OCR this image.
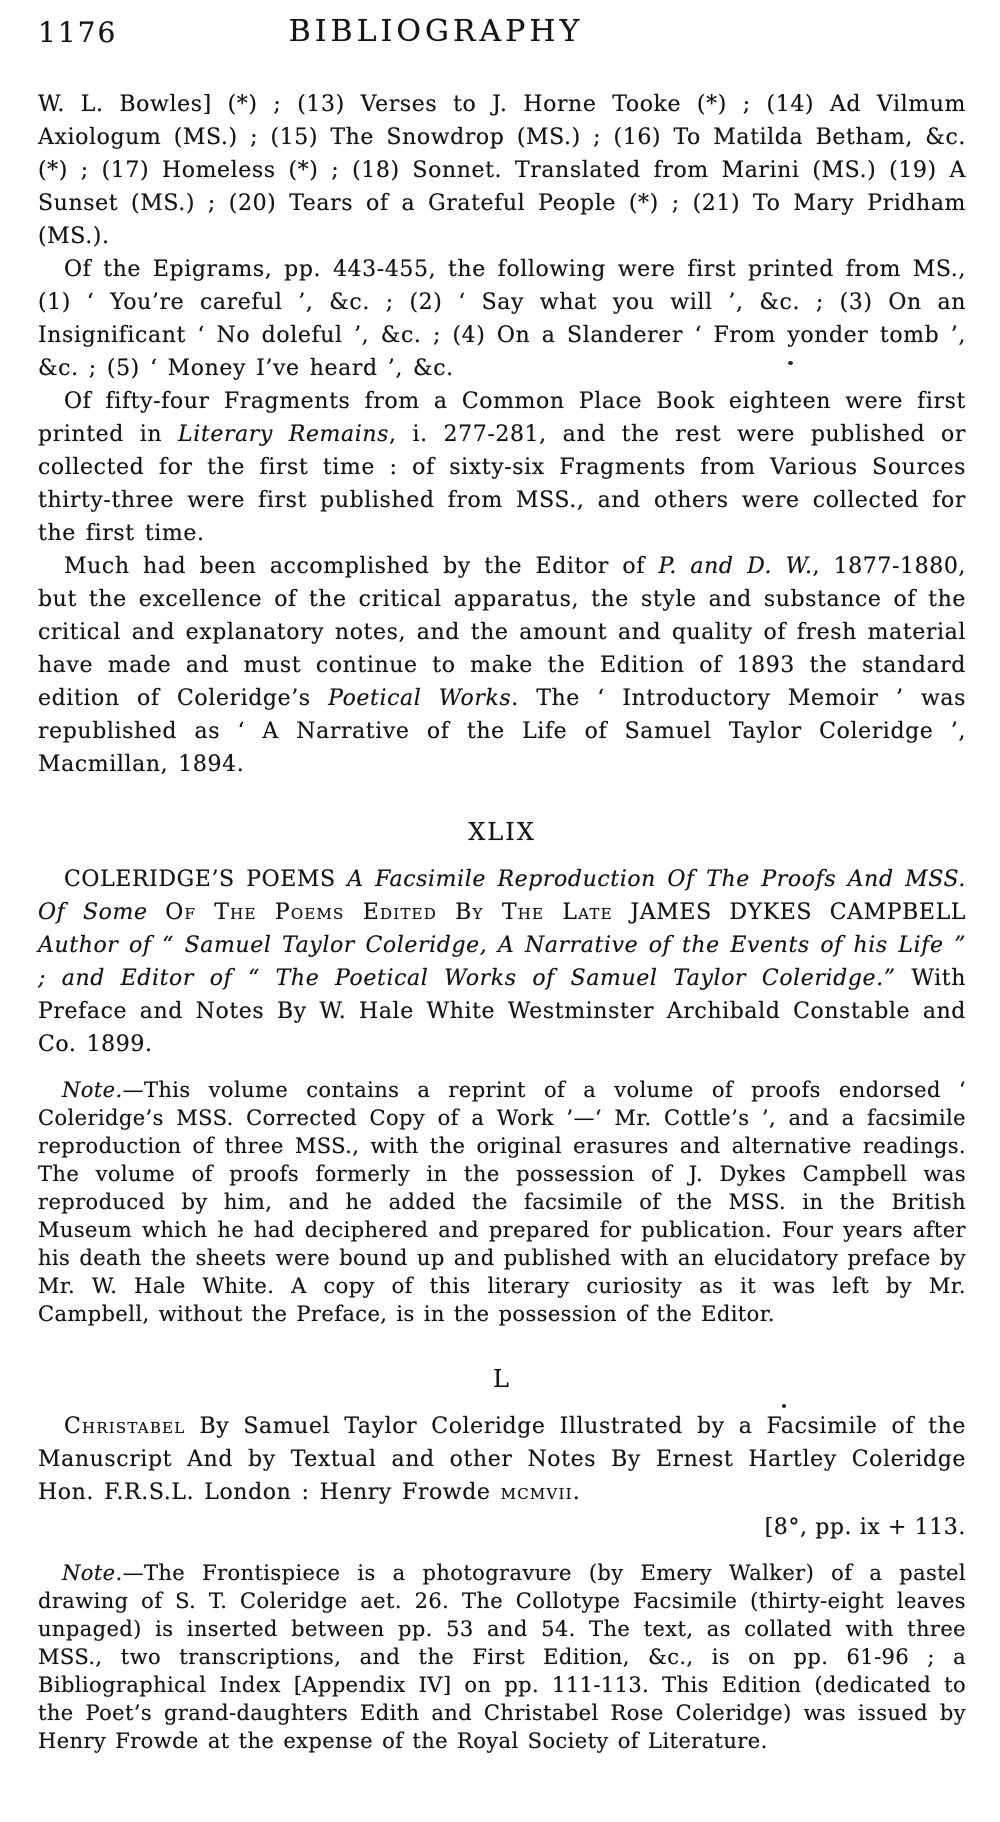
1176	BIBLIOGRAPHY

W. L. Bowles] (*) ; (13) Verses to J. Horne Tooke (*) ; (14) Ad Vilmum Axiologum (MS.) ; (15) The Snowdrop (MS.) ; (16) To Matilda Betham, &c. (*) ; (17) Homeless (*) ; (18) Sonnet. Translated from Marini (MS.) (19) A Sunset (MS.) ; (20) Tears of a Grateful People (*) ; (21) To Mary Pridham (MS.).

Of the Epigrams, pp. 443-455, the following were first printed from MS., (1) ‘ You’re careful ’, &c. ; (2) ‘ Say what you will ’, &c. ; (3) On an Insignificant ‘ No doleful ’, &c. ; (4) On a Slanderer ‘ From yonder tomb ’, &c. ; (5) ‘ Money I’ve heard ’, &c.

Of fifty-four Fragments from a Common Place Book eighteen were first printed in Literary Remains, i. 277-281, and the rest were published or collected for the first time : of sixty-six Fragments from Various Sources thirty-three were first published from MSS., and others were collected for the first time.

Much had been accomplished by the Editor of P. and D. W., 1877-1880, but the excellence of the critical apparatus, the style and substance of the critical and explanatory notes, and the amount and quality of fresh material have made and must continue to make the Edition of 1893 the standard edition of Coleridge’s Poetical Works. The ‘ Introductory Memoir ’ was republished as ‘ A Narrative of the Life of Samuel Taylor Coleridge ’, Macmillan, 1894.

XLIX

COLERIDGE’S POEMS A Facsimile Reproduction Of The Proofs And MSS. Of Some Of The Poems Edited By The Late JAMES DYKES CAMPBELL Author of “ Samuel Taylor Coleridge, A Narrative of the Events of his Life ” ; and Editor of “ The Poetical Works of Samuel Taylor Coleridge.” With Preface and Notes By W. Hale White Westminster Archibald Constable and Co. 1899.

Note.—This volume contains a reprint of a volume of proofs endorsed ‘ Coleridge’s MSS. Corrected Copy of a Work ’—‘ Mr. Cottle’s ’, and a facsimile reproduction of three MSS., with the original erasures and alternative readings. The volume of proofs formerly in the possession of J. Dykes Campbell was reproduced by him, and he added the facsimile of the MSS. in the British Museum which he had deciphered and prepared for publication. Four years after his death the sheets were bound up and published with an elucidatory preface by Mr. W. Hale White. A copy of this literary curiosity as it was left by Mr. Campbell, without the Preface, is in the possession of the Editor.

L

Christabel By Samuel Taylor Coleridge Illustrated by a Facsimile of the Manuscript And by Textual and other Notes By Ernest Hartley Coleridge Hon. F.R.S.L. London : Henry Frowde mcmvii.

[8°, pp. ix + 113.

Note.—The Frontispiece is a photogravure (by Emery Walker) of a pastel drawing of S. T. Coleridge aet. 26. The Collotype Facsimile (thirty-eight leaves unpaged) is inserted between pp. 53 and 54. The text, as collated with three MSS., two transcriptions, and the First Edition, &c., is on pp. 61-96 ; a Bibliographical Index [Appendix IV] on pp. 111-113. This Edition (dedicated to the Poet’s grand-daughters Edith and Christabel Rose Coleridge) was issued by Henry Frowde at the expense of the Royal Society of Literature.
